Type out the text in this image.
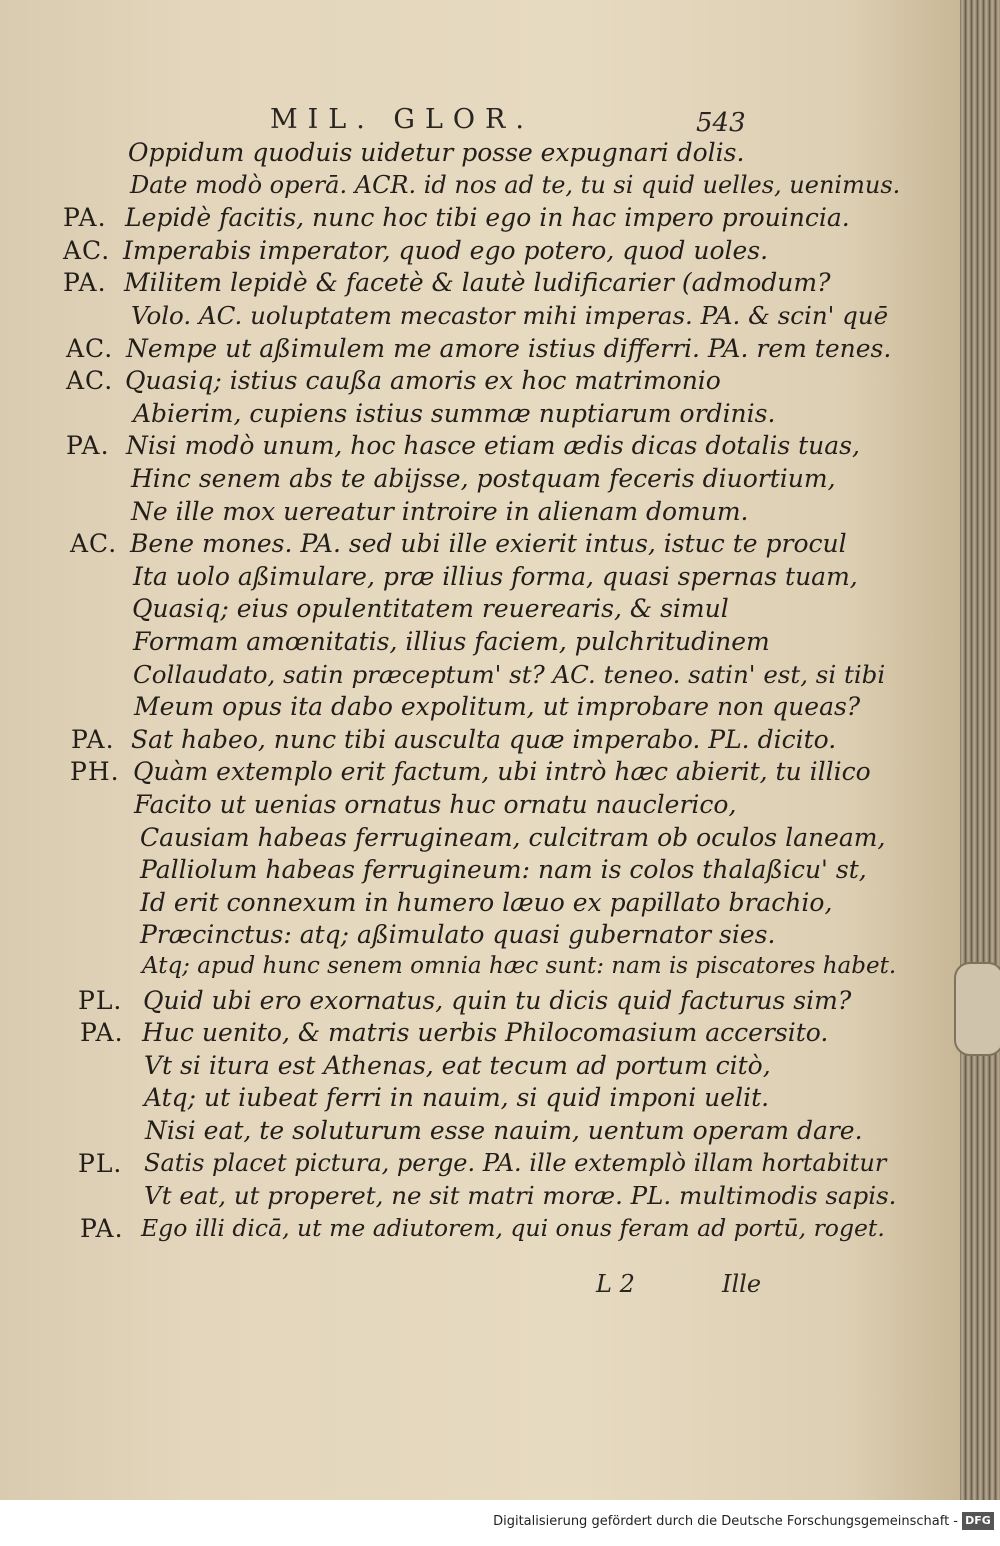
MIL. GLOR.	543
Oppidum quoduis uidetur posse expugnari dolis.
Date modò operā. ACR. id nos ad te, tu si quid uelles, uenimus.
PA. Lepidè facitis, nunc hoc tibi ego in hac impero prouincia.
AC. Imperabis imperator, quod ego potero, quod uoles.
PA. Militem lepidè & facetè & lautè ludificarier (admodum?
Volo. AC. uoluptatem mecastor mihi imperas. PA. & scin' quē
AC. Nempe ut aßimulem me amore istius differri. PA. rem tenes.
AC. Quasiq; istius caußa amoris ex hoc matrimonio
Abierim, cupiens istius summæ nuptiarum ordinis.
PA. Nisi modò unum, hoc hasce etiam ædis dicas dotalis tuas,
Hinc senem abs te abijsse, postquam feceris diuortium,
Ne ille mox uereatur introire in alienam domum.
AC. Bene mones. PA. sed ubi ille exierit intus, istuc te procul
Ita uolo aßimulare, præ illius forma, quasi spernas tuam,
Quasiq; eius opulentitatem reuerearis, & simul
Formam amœnitatis, illius faciem, pulchritudinem
Collaudato, satin præceptum' st? AC. teneo. satin' est, si tibi
Meum opus ita dabo expolitum, ut improbare non queas?
PA. Sat habeo, nunc tibi ausculta quæ imperabo. PL. dicito.
PH. Quàm extemplo erit factum, ubi intrò hæc abierit, tu illico
Facito ut uenias ornatus huc ornatu nauclerico,
Causiam habeas ferrugineam, culcitram ob oculos laneam,
Palliolum habeas ferrugineum: nam is colos thalaßicu' st,
Id erit connexum in humero læuo ex papillato brachio,
Præcinctus: atq; aßimulato quasi gubernator sies.
Atq; apud hunc senem omnia hæc sunt: nam is piscatores habet.
PL. Quid ubi ero exornatus, quin tu dicis quid facturus sim?
PA. Huc uenito, & matris uerbis Philocomasium accersito.
Vt si itura est Athenas, eat tecum ad portum citò,
Atq; ut iubeat ferri in nauim, si quid imponi uelit.
Nisi eat, te soluturum esse nauim, uentum operam dare.
PL. Satis placet pictura, perge. PA. ille extemplò illam hortabitur
Vt eat, ut properet, ne sit matri moræ. PL. multimodis sapis.
PA. Ego illi dicā, ut me adiutorem, qui onus feram ad portū, roget.
L 2	Ille
Digitalisierung gefördert durch die Deutsche Forschungsgemeinschaft - DFG
